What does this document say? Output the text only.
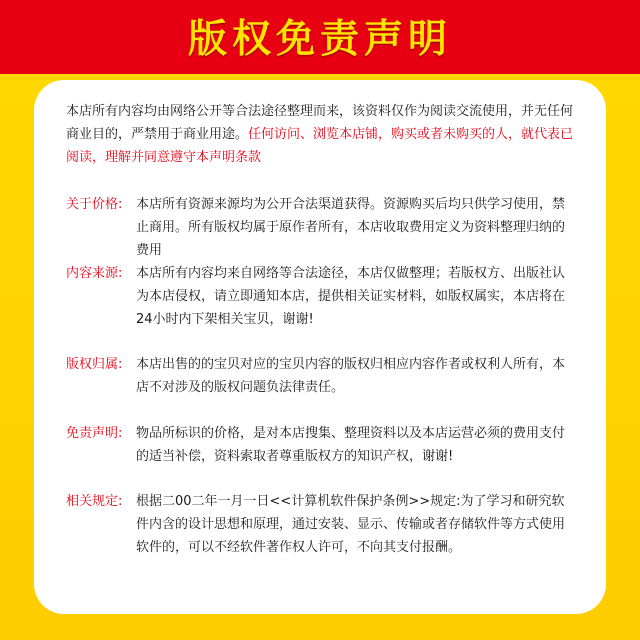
版权免责声明
本店所有内容均由网络公开等合法途径整理而来，该资料仅作为阅读交流使用，并无任何商业目的，严禁用于商业用途。任何访问、浏览本店铺，购买或者未购买的人，就代表已阅读，理解并同意遵守本声明条款
关于价格:	本店所有资源来源均为公开合法渠道获得。资源购买后均只供学习使用，禁止商用。所有版权均属于原作者所有，本店收取费用定义为资料整理归纳的费用
内容来源:	本店所有内容均来自网络等合法途径，本店仅做整理；若版权方、出版社认为本店侵权，请立即通知本店，提供相关证实材料，如版权属实，本店将在24小时内下架相关宝贝，谢谢!
版权归属:	本店出售的的宝贝对应的宝贝内容的版权归相应内容作者或权利人所有，本店不对涉及的版权问题负法律责任。
免责声明:	物品所标识的价格，是对本店搜集、整理资料以及本店运营必须的费用支付的适当补偿，资料索取者尊重版权方的知识产权，谢谢!
相关规定:	根据二00二年一月一日<<计算机软件保护条例>>规定:为了学习和研究软件内含的设计思想和原理，通过安装、显示、传输或者存储软件等方式使用软件的，可以不经软件著作权人许可，不向其支付报酬。
